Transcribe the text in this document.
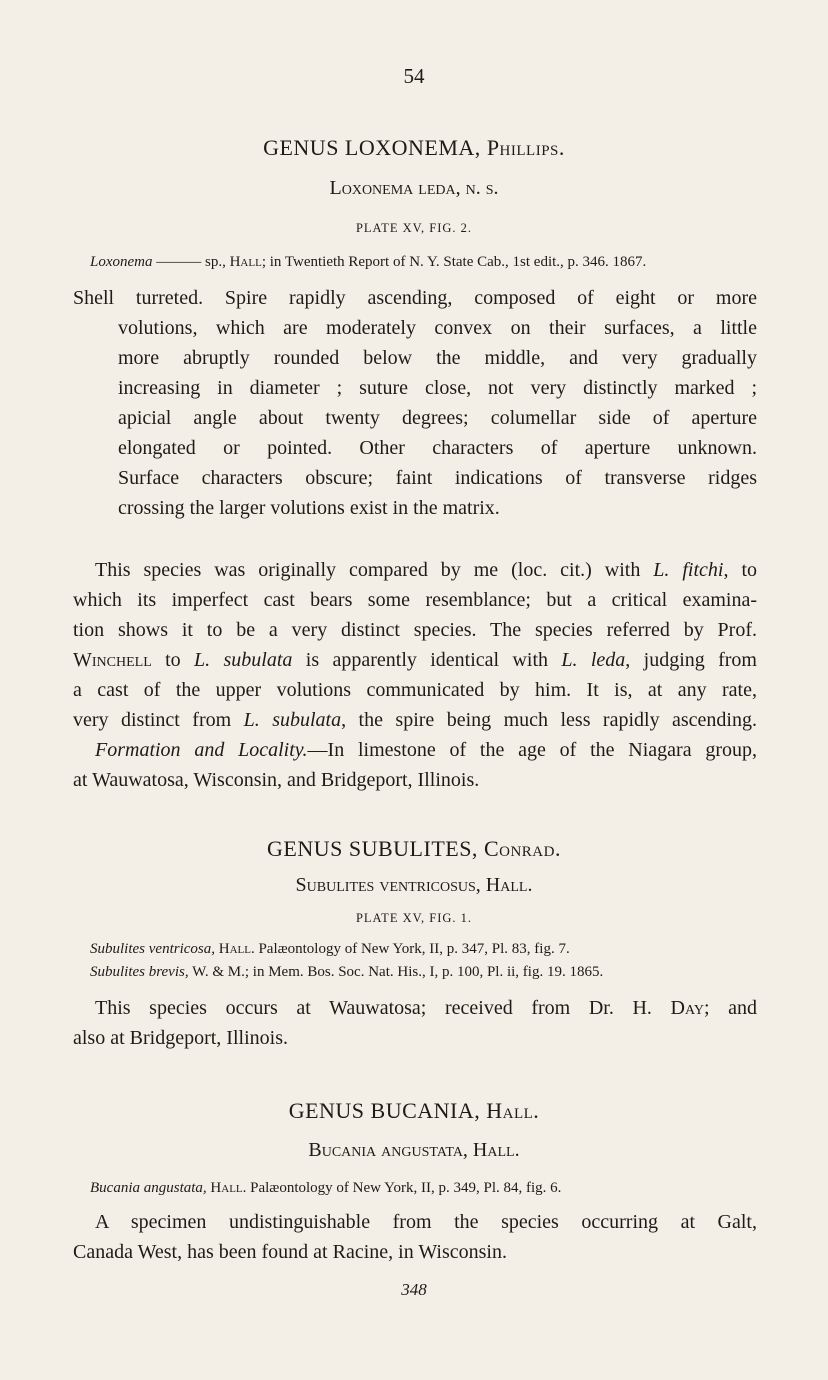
54
GENUS LOXONEMA, Phillips.
Loxonema leda, n. s.
PLATE XV, FIG. 2.
Loxonema ——— sp., Hall; in Twentieth Report of N. Y. State Cab., 1st edit., p. 346. 1867.
Shell turreted. Spire rapidly ascending, composed of eight or more
volutions, which are moderately convex on their surfaces, a little
more abruptly rounded below the middle, and very gradually
increasing in diameter ; suture close, not very distinctly marked ;
apicial angle about twenty degrees; columellar side of aperture
elongated or pointed. Other characters of aperture unknown.
Surface characters obscure; faint indications of transverse ridges
crossing the larger volutions exist in the matrix.
This species was originally compared by me (loc. cit.) with L. fitchi, to
which its imperfect cast bears some resemblance; but a critical examina-
tion shows it to be a very distinct species. The species referred by Prof.
Winchell to L. subulata is apparently identical with L. leda, judging from
a cast of the upper volutions communicated by him. It is, at any rate,
very distinct from L. subulata, the spire being much less rapidly ascending.
Formation and Locality.—In limestone of the age of the Niagara group,
at Wauwatosa, Wisconsin, and Bridgeport, Illinois.
GENUS SUBULITES, Conrad.
Subulites ventricosus, Hall.
PLATE XV, FIG. 1.
Subulites ventricosa, Hall. Palæontology of New York, II, p. 347, Pl. 83, fig. 7.
Subulites brevis, W. & M.; in Mem. Bos. Soc. Nat. His., I, p. 100, Pl. ii, fig. 19. 1865.
This species occurs at Wauwatosa; received from Dr. H. Day; and
also at Bridgeport, Illinois.
GENUS BUCANIA, Hall.
Bucania angustata, Hall.
Bucania angustata, Hall. Palæontology of New York, II, p. 349, Pl. 84, fig. 6.
A specimen undistinguishable from the species occurring at Galt,
Canada West, has been found at Racine, in Wisconsin.
348
